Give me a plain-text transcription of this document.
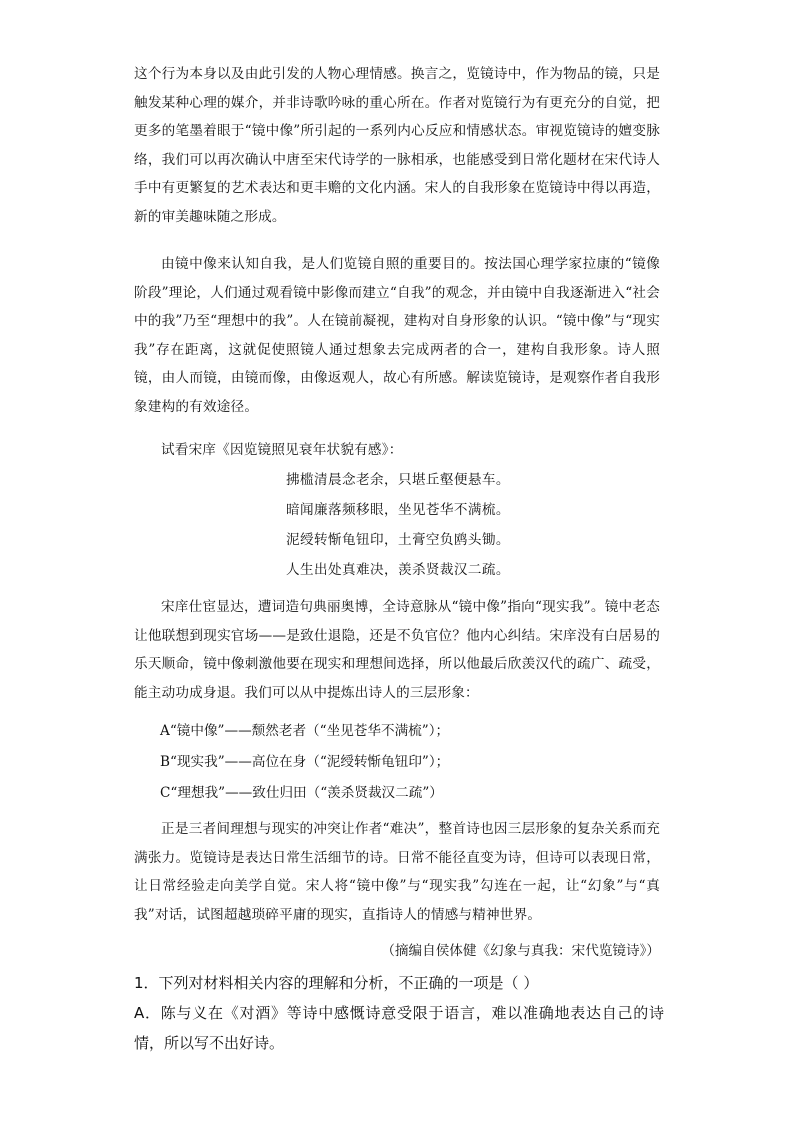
这个行为本身以及由此引发的人物心理情感。换言之，览镜诗中，作为物品的镜，只是触发某种心理的媒介，并非诗歌吟咏的重心所在。作者对览镜行为有更充分的自觉，把更多的笔墨着眼于“镜中像”所引起的一系列内心反应和情感状态。审视览镜诗的嬗变脉络，我们可以再次确认中唐至宋代诗学的一脉相承，也能感受到日常化题材在宋代诗人手中有更繁复的艺术表达和更丰赡的文化内涵。宋人的自我形象在览镜诗中得以再造，新的审美趣味随之形成。

由镜中像来认知自我，是人们览镜自照的重要目的。按法国心理学家拉康的“镜像阶段”理论，人们通过观看镜中影像而建立“自我”的观念，并由镜中自我逐渐进入“社会中的我”乃至“理想中的我”。人在镜前凝视，建构对自身形象的认识。“镜中像”与“现实我”存在距离，这就促使照镜人通过想象去完成两者的合一，建构自我形象。诗人照镜，由人而镜，由镜而像，由像返观人，故心有所感。解读览镜诗，是观察作者自我形象建构的有效途径。

试看宋庠《因览镜照见衰年状貌有感》：

拂槛清晨念老余，只堪丘壑便悬车。
暗闻廉落频移眼，坐见苍华不满梳。
泥绶转惭龟钮印，土膏空负鸥头锄。
人生出处真难决，羡杀贤裁汉二疏。

宋庠仕宦显达，遭词造句典丽奥博，全诗意脉从“镜中像”指向“现实我”。镜中老态让他联想到现实官场——是致仕退隐，还是不负官位？他内心纠结。宋庠没有白居易的乐天顺命，镜中像刺激他要在现实和理想间选择，所以他最后欣羡汉代的疏广、疏受，能主动功成身退。我们可以从中提炼出诗人的三层形象：

A“镜中像”——颓然老者（“坐见苍华不满梳”）；

B“现实我”——高位在身（“泥绶转惭龟钮印”）；

C“理想我”——致仕归田（“羡杀贤裁汉二疏”）

正是三者间理想与现实的冲突让作者“难决”，整首诗也因三层形象的复杂关系而充满张力。览镜诗是表达日常生活细节的诗。日常不能径直变为诗，但诗可以表现日常，让日常经验走向美学自觉。宋人将“镜中像”与“现实我”勾连在一起，让“幻象”与“真我”对话，试图超越琐碎平庸的现实，直指诗人的情感与精神世界。

（摘编自侯体健《幻象与真我：宋代览镜诗》）

1．下列对材料相关内容的理解和分析，不正确的一项是（ ）

A．陈与义在《对酒》等诗中感慨诗意受限于语言，难以准确地表达自己的诗情，所以写不出好诗。
